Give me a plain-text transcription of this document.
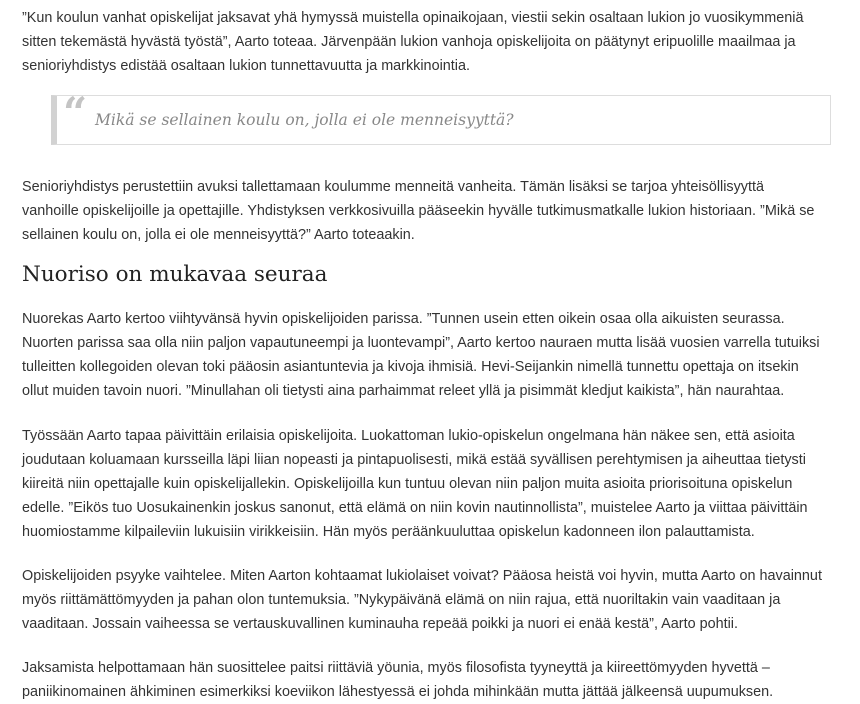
”Kun koulun vanhat opiskelijat jaksavat yhä hymyssä muistella opinaikojaan, viestii sekin osaltaan lukion jo vuosikymmeniä
sitten tekemästä hyvästä työstä”, Aarto toteaa. Järvenpään lukion vanhoja opiskelijoita on päätynyt eripuolille maailmaa ja
senioriyhdistys edistää osaltaan lukion tunnettavuutta ja markkinointia.

“ Mikä se sellainen koulu on, jolla ei ole menneisyyttä?

Senioriyhdistys perustettiin avuksi tallettamaan koulumme menneitä vanheita. Tämän lisäksi se tarjoa yhteisöllisyyttä
vanhoille opiskelijoille ja opettajille. Yhdistyksen verkkosivuilla pääseekin hyvälle tutkimusmatkalle lukion historiaan. ”Mikä se
sellainen koulu on, jolla ei ole menneisyyttä?” Aarto toteaakin.

Nuoriso on mukavaa seuraa

Nuorekas Aarto kertoo viihtyvänsä hyvin opiskelijoiden parissa. ”Tunnen usein etten oikein osaa olla aikuisten seurassa.
Nuorten parissa saa olla niin paljon vapautuneempi ja luontevampi”, Aarto kertoo nauraen mutta lisää vuosien varrella tutuiksi
tulleitten kollegoiden olevan toki pääosin asiantuntevia ja kivoja ihmisiä. Hevi-Seijankin nimellä tunnettu opettaja on itsekin
ollut muiden tavoin nuori. ”Minullahan oli tietysti aina parhaimmat releet yllä ja pisimmät kledjut kaikista”, hän naurahtaa.

Työssään Aarto tapaa päivittäin erilaisia opiskelijoita. Luokattoman lukio-opiskelun ongelmana hän näkee sen, että asioita
joudutaan koluamaan kursseilla läpi liian nopeasti ja pintapuolisesti, mikä estää syvällisen perehtymisen ja aiheuttaa tietysti
kiireitä niin opettajalle kuin opiskelijallekin. Opiskelijoilla kun tuntuu olevan niin paljon muita asioita priorisoituna opiskelun
edelle. ”Eikös tuo Uosukainenkin joskus sanonut, että elämä on niin kovin nautinnollista”, muistelee Aarto ja viittaa päivittäin
huomiostamme kilpaileviin lukuisiin virikkeisiin. Hän myös peräänkuuluttaa opiskelun kadonneen ilon palauttamista.

Opiskelijoiden psyyke vaihtelee. Miten Aarton kohtaamat lukiolaiset voivat? Pääosa heistä voi hyvin, mutta Aarto on havainnut
myös riittämättömyyden ja pahan olon tuntemuksia. ”Nykypäivänä elämä on niin rajua, että nuoriltakin vain vaaditaan ja
vaaditaan. Jossain vaiheessa se vertauskuvallinen kuminauha repeää poikki ja nuori ei enää kestä”, Aarto pohtii.

Jaksamista helpottamaan hän suosittelee paitsi riittäviä yöunia, myös filosofista tyyneyttä ja kiireettömyyden hyvettä –
paniikinomainen ähkiminen esimerkiksi koeviikon lähestyessä ei johda mihinkään mutta jättää jälkeensä uupumuksen.
